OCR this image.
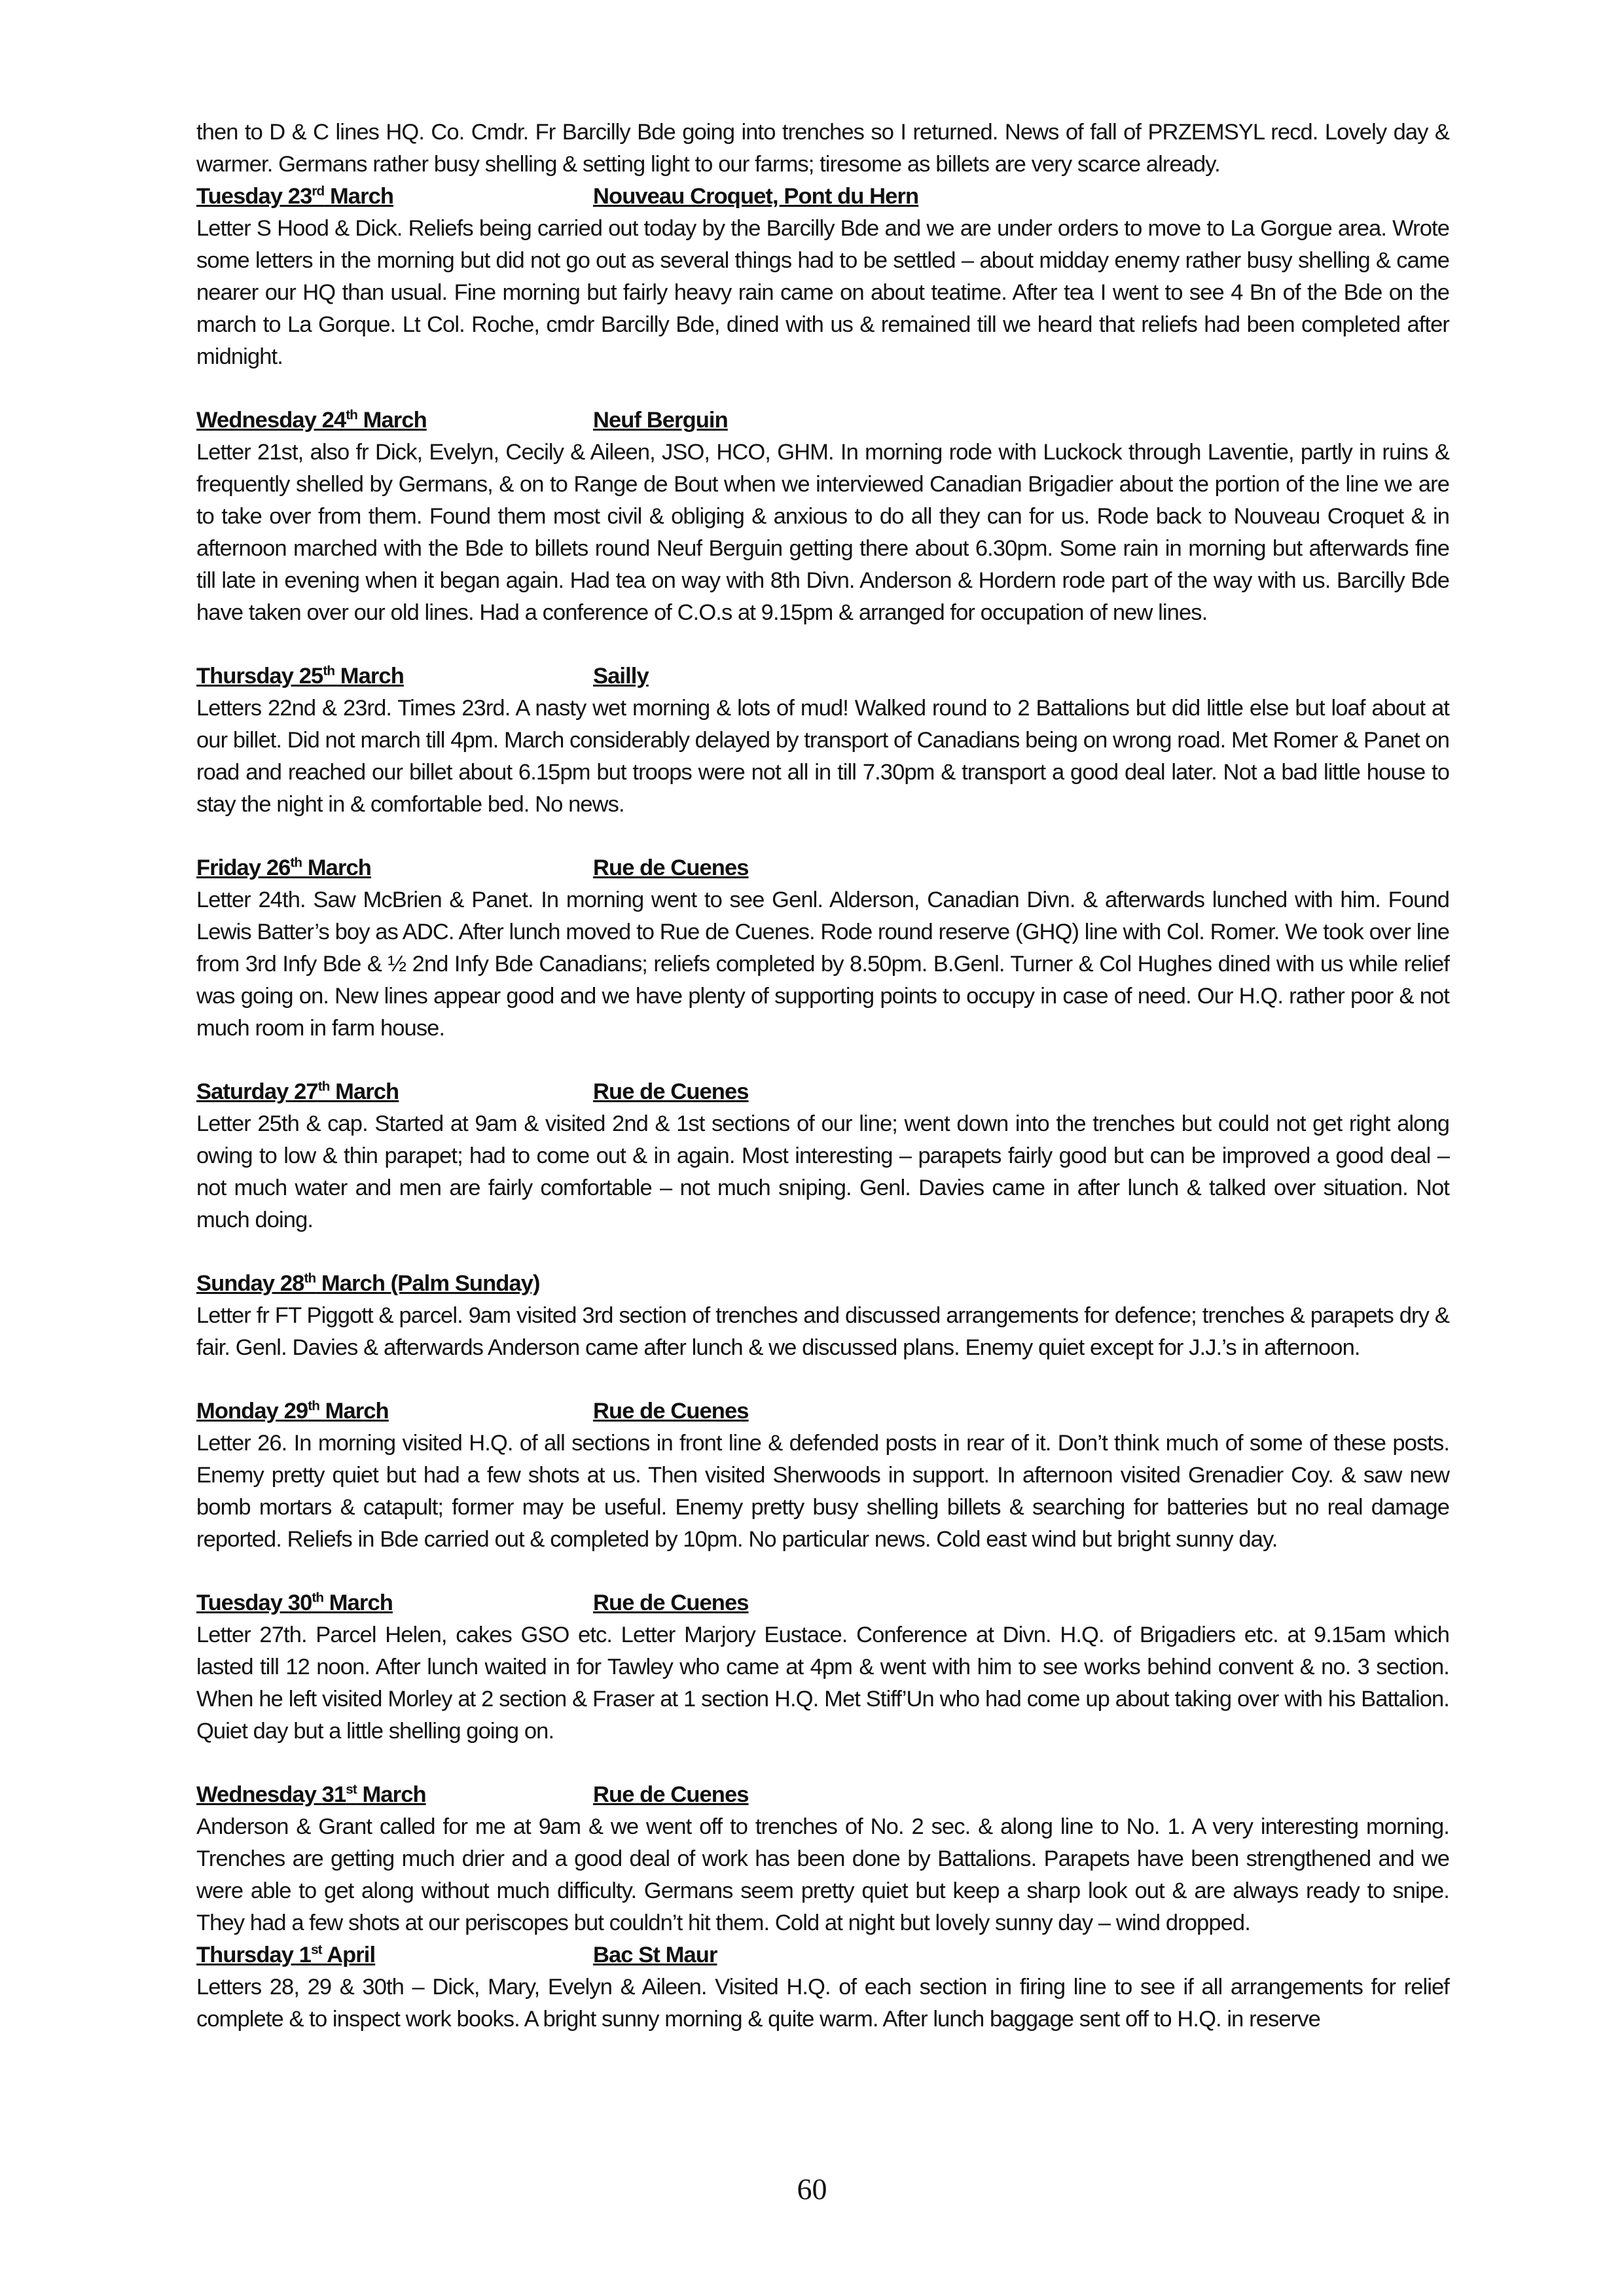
then to D & C lines HQ. Co. Cmdr. Fr Barcilly Bde going into trenches so I returned. News of fall of PRZEMSYL recd. Lovely day & warmer. Germans rather busy shelling & setting light to our farms; tiresome as billets are very scarce already.

Tuesday 23rd March	Nouveau Croquet, Pont du Hern

Letter S Hood & Dick. Reliefs being carried out today by the Barcilly Bde and we are under orders to move to La Gorgue area. Wrote some letters in the morning but did not go out as several things had to be settled – about midday enemy rather busy shelling & came nearer our HQ than usual. Fine morning but fairly heavy rain came on about teatime. After tea I went to see 4 Bn of the Bde on the march to La Gorque. Lt Col. Roche, cmdr Barcilly Bde, dined with us & remained till we heard that reliefs had been completed after midnight.

Wednesday 24th March	Neuf Berguin

Letter 21st, also fr Dick, Evelyn, Cecily & Aileen, JSO, HCO, GHM. In morning rode with Luckock through Laventie, partly in ruins & frequently shelled by Germans, & on to Range de Bout when we interviewed Canadian Brigadier about the portion of the line we are to take over from them. Found them most civil & obliging & anxious to do all they can for us. Rode back to Nouveau Croquet & in afternoon marched with the Bde to billets round Neuf Berguin getting there about 6.30pm. Some rain in morning but afterwards fine till late in evening when it began again. Had tea on way with 8th Divn. Anderson & Hordern rode part of the way with us. Barcilly Bde have taken over our old lines. Had a conference of C.O.s at 9.15pm & arranged for occupation of new lines.

Thursday 25th March	Sailly

Letters 22nd & 23rd. Times 23rd. A nasty wet morning & lots of mud! Walked round to 2 Battalions but did little else but loaf about at our billet. Did not march till 4pm. March considerably delayed by transport of Canadians being on wrong road. Met Romer & Panet on road and reached our billet about 6.15pm but troops were not all in till 7.30pm & transport a good deal later. Not a bad little house to stay the night in & comfortable bed. No news.

Friday 26th March	Rue de Cuenes

Letter 24th. Saw McBrien & Panet. In morning went to see Genl. Alderson, Canadian Divn. & afterwards lunched with him. Found Lewis Batter’s boy as ADC. After lunch moved to Rue de Cuenes. Rode round reserve (GHQ) line with Col. Romer. We took over line from 3rd Infy Bde & ½ 2nd Infy Bde Canadians; reliefs completed by 8.50pm. B.Genl. Turner & Col Hughes dined with us while relief was going on. New lines appear good and we have plenty of supporting points to occupy in case of need. Our H.Q. rather poor & not much room in farm house.

Saturday 27th March	Rue de Cuenes

Letter 25th & cap. Started at 9am & visited 2nd & 1st sections of our line; went down into the trenches but could not get right along owing to low & thin parapet; had to come out & in again. Most interesting – parapets fairly good but can be improved a good deal – not much water and men are fairly comfortable – not much sniping. Genl. Davies came in after lunch & talked over situation. Not much doing.

Sunday 28th March (Palm Sunday)

Letter fr FT Piggott & parcel. 9am visited 3rd section of trenches and discussed arrangements for defence; trenches & parapets dry & fair. Genl. Davies & afterwards Anderson came after lunch & we discussed plans. Enemy quiet except for J.J.’s in afternoon.

Monday 29th March	Rue de Cuenes

Letter 26. In morning visited H.Q. of all sections in front line & defended posts in rear of it. Don’t think much of some of these posts. Enemy pretty quiet but had a few shots at us. Then visited Sherwoods in support. In afternoon visited Grenadier Coy. & saw new bomb mortars & catapult; former may be useful. Enemy pretty busy shelling billets & searching for batteries but no real damage reported. Reliefs in Bde carried out & completed by 10pm. No particular news. Cold east wind but bright sunny day.

Tuesday 30th March	Rue de Cuenes

Letter 27th. Parcel Helen, cakes GSO etc. Letter Marjory Eustace. Conference at Divn. H.Q. of Brigadiers etc. at 9.15am which lasted till 12 noon. After lunch waited in for Tawley who came at 4pm & went with him to see works behind convent & no. 3 section. When he left visited Morley at 2 section & Fraser at 1 section H.Q. Met Stiff’Un who had come up about taking over with his Battalion. Quiet day but a little shelling going on.

Wednesday 31st March	Rue de Cuenes

Anderson & Grant called for me at 9am & we went off to trenches of No. 2 sec. & along line to No. 1. A very interesting morning. Trenches are getting much drier and a good deal of work has been done by Battalions. Parapets have been strengthened and we were able to get along without much difficulty. Germans seem pretty quiet but keep a sharp look out & are always ready to snipe. They had a few shots at our periscopes but couldn’t hit them. Cold at night but lovely sunny day – wind dropped.

Thursday 1st April	Bac St Maur

Letters 28, 29 & 30th – Dick, Mary, Evelyn & Aileen. Visited H.Q. of each section in firing line to see if all arrangements for relief complete & to inspect work books. A bright sunny morning & quite warm. After lunch baggage sent off to H.Q. in reserve

60
